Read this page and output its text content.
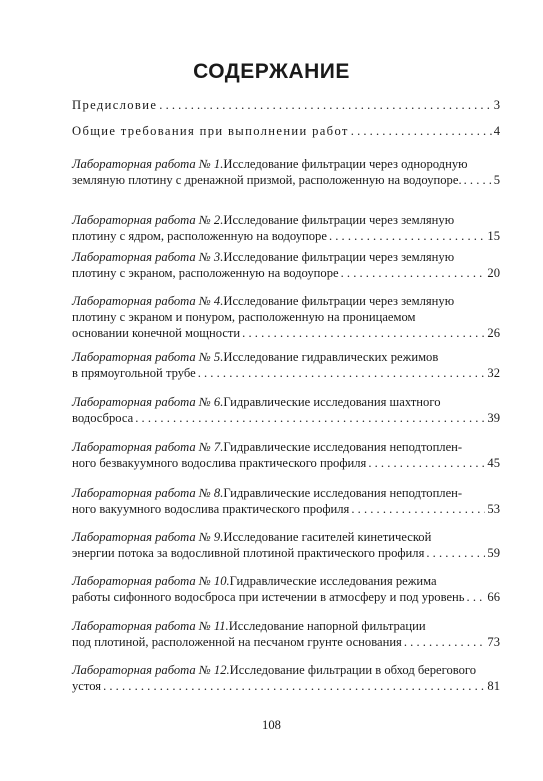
СОДЕРЖАНИЕ
Предисловие . . .	3
Общие требования при выполнении работ . . .	4
Лабораторная работа № 1. Исследование фильтрации через однородную
земляную плотину с дренажной призмой, расположенную на водоупоре. . . .	5
Лабораторная работа № 2. Исследование фильтрации через земляную
плотину с ядром, расположенную на водоупоре . . .	15
Лабораторная работа № 3. Исследование фильтрации через земляную
плотину с экраном, расположенную на водоупоре . . .	20
Лабораторная работа № 4. Исследование фильтрации через земляную
плотину с экраном и понуром, расположенную на проницаемом
основании конечной мощности . . .	26
Лабораторная работа № 5. Исследование гидравлических режимов
в прямоугольной трубе . . .	32
Лабораторная работа № 6. Гидравлические исследования шахтного
водосброса . . .	39
Лабораторная работа № 7. Гидравлические исследования неподтоплен-
ного безвакуумного водослива практического профиля . . .	45
Лабораторная работа № 8. Гидравлические исследования неподтоплен-
ного вакуумного водослива практического профиля . . .	53
Лабораторная работа № 9. Исследование гасителей кинетической
энергии потока за водосливной плотиной практического профиля . . .	59
Лабораторная работа № 10. Гидравлические исследования режима
работы сифонного водосброса при истечении в атмосферу и под уровень . . . 66
Лабораторная работа № 11. Исследование напорной фильтрации
под плотиной, расположенной на песчаном грунте основания . . .	73
Лабораторная работа № 12. Исследование фильтрации в обход берегового
устоя . . .	81
108
